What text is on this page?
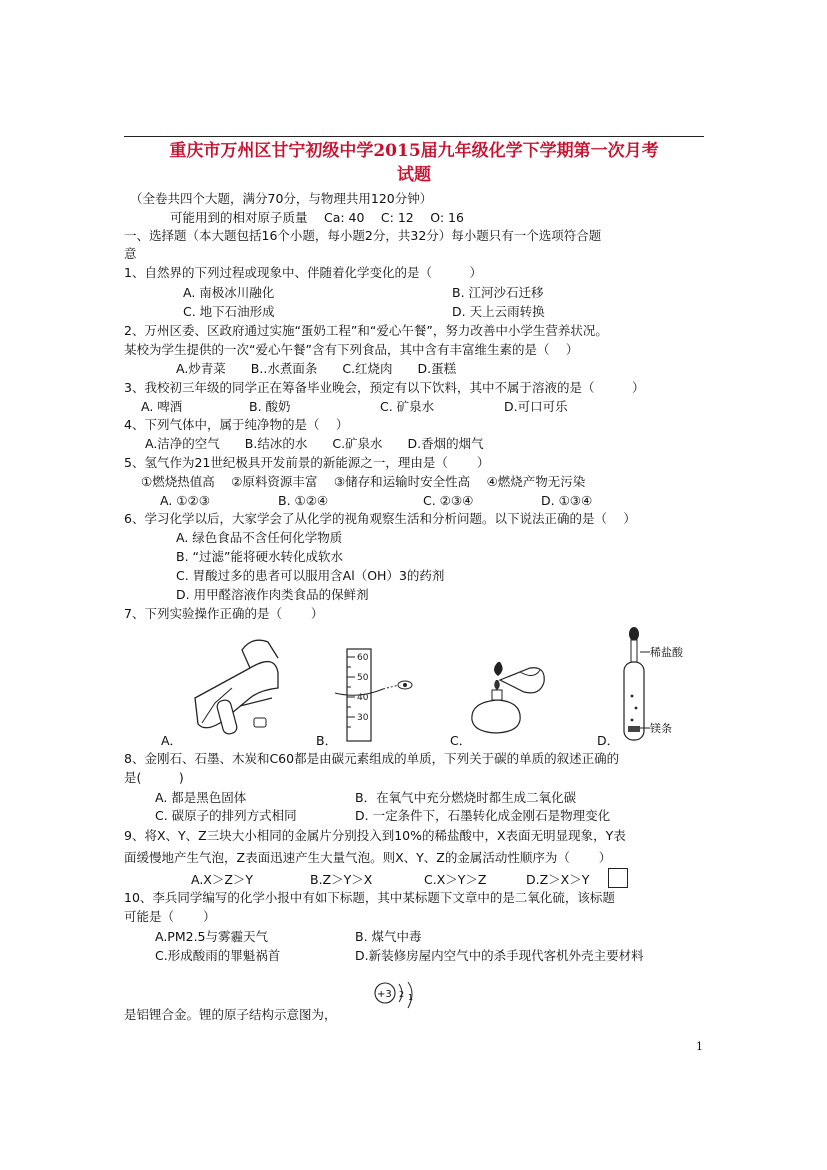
重庆市万州区甘宁初级中学2015届九年级化学下学期第一次月考
试题
（全卷共四个大题，满分70分，与物理共用120分钟）
可能用到的相对原子质量　 Ca: 40　 C: 12　 O: 16
一、选择题（本大题包括16个小题，每小题2分，共32分）每小题只有一个选项符合题
意
1、自然界的下列过程或现象中、伴随着化学变化的是（　　　）
A. 南极冰川融化	B. 江河沙石迁移
C. 地下石油形成	D. 天上云雨转换
2、万州区委、区政府通过实施“蛋奶工程”和“爱心午餐”，努力改善中小学生营养状况。
某校为学生提供的一次“爱心午餐”含有下列食品，其中含有丰富维生素的是（　 ）
A.炒青菜　　B..水煮面条　　C.红烧肉　　D.蛋糕
3、我校初三年级的同学正在筹备毕业晚会，预定有以下饮料，其中不属于溶液的是（　　　）
A. 啤酒	B. 酸奶	C. 矿泉水	D.可口可乐
4、下列气体中，属于纯净物的是（　 ）
A.洁净的空气　　B.结冰的水　　C.矿泉水　　D.香烟的烟气
5、氢气作为21世纪极具开发前景的新能源之一，理由是（　　 ）
①燃烧热值高　 ②原料资源丰富　 ③储存和运输时安全性高　 ④燃烧产物无污染
A. ①②③	B. ①②④	C. ②③④	D. ①③④
6、学习化学以后，大家学会了从化学的视角观察生活和分析问题。以下说法正确的是（　 ）
A. 绿色食品不含任何化学物质
B. “过滤”能将硬水转化成软水
C. 胃酸过多的患者可以服用含Al（OH）3的药剂
D. 用甲醛溶液作肉类食品的保鲜剂
7、下列实验操作正确的是（　　 ）
A．
60
50
40
30
B．	C．
稀盐酸
镁条
D．
8、金刚石、石墨、木炭和C60都是由碳元素组成的单质，下列关于碳的单质的叙述正确的
是(　　　)
A. 都是黑色固体	B．在氧气中充分燃烧时都生成二氧化碳
C. 碳原子的排列方式相同	D. 一定条件下，石墨转化成金刚石是物理变化
9、将X、Y、Z三块大小相同的金属片分别投入到10%的稀盐酸中，X表面无明显现象，Y表
面缓慢地产生气泡，Z表面迅速产生大量气泡。则X、Y、Z的金属活动性顺序为（　　 ）
A.X＞Z＞Y	B.Z＞Y＞X	C.X＞Y＞Z	D.Z＞X＞Y
10、李兵同学编写的化学小报中有如下标题，其中某标题下文章中的是二氧化硫，该标题
可能是（　　 ）
A.PM2.5与雾霾天气	B. 煤气中毒
C.形成酸雨的罪魁祸首	D.新装修房屋内空气中的杀手现代客机外壳主要材料
+3 2 1
是铝锂合金。锂的原子结构示意图为，
1
